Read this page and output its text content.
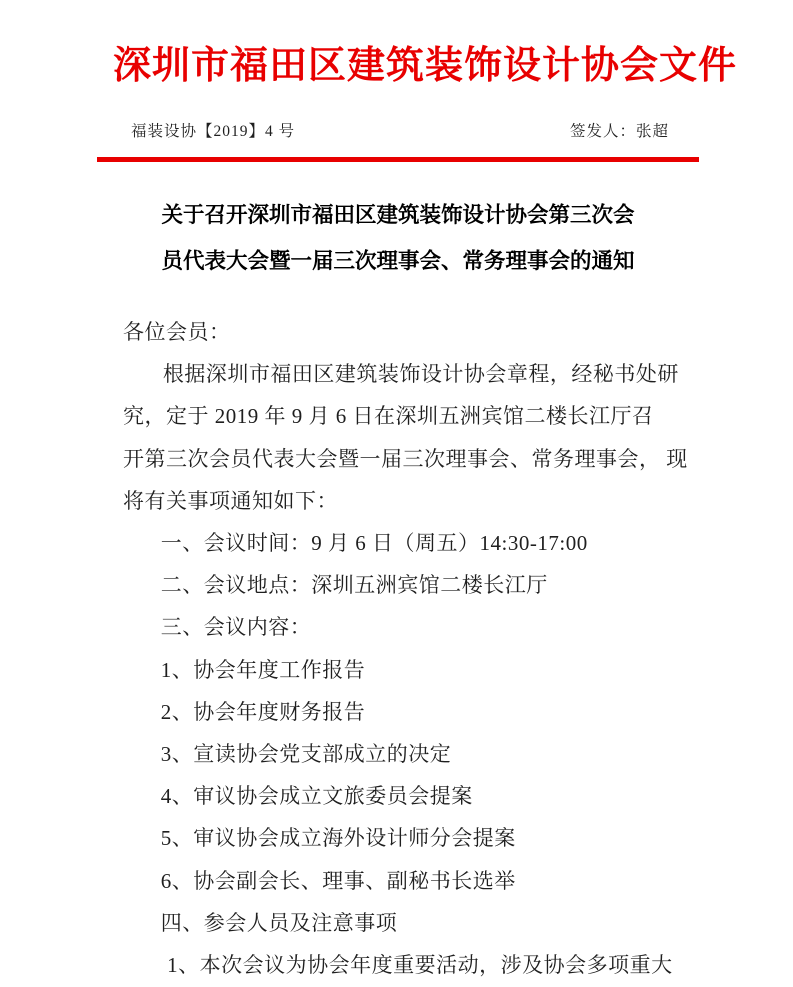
深圳市福田区建筑装饰设计协会文件
福装设协【2019】4 号	签发人：张超
关于召开深圳市福田区建筑装饰设计协会第三次会
员代表大会暨一届三次理事会、常务理事会的通知
各位会员：
根据深圳市福田区建筑装饰设计协会章程，经秘书处研
究，定于 2019 年 9 月 6 日在深圳五洲宾馆二楼长江厅召
开第三次会员代表大会暨一届三次理事会、常务理事会， 现
将有关事项通知如下：
一、会议时间：9 月 6 日（周五）14:30-17:00
二、会议地点：深圳五洲宾馆二楼长江厅
三、会议内容：
1、协会年度工作报告
2、协会年度财务报告
3、宣读协会党支部成立的决定
4、审议协会成立文旅委员会提案
5、审议协会成立海外设计师分会提案
6、协会副会长、理事、副秘书长选举
四、参会人员及注意事项
1、本次会议为协会年度重要活动，涉及协会多项重大
